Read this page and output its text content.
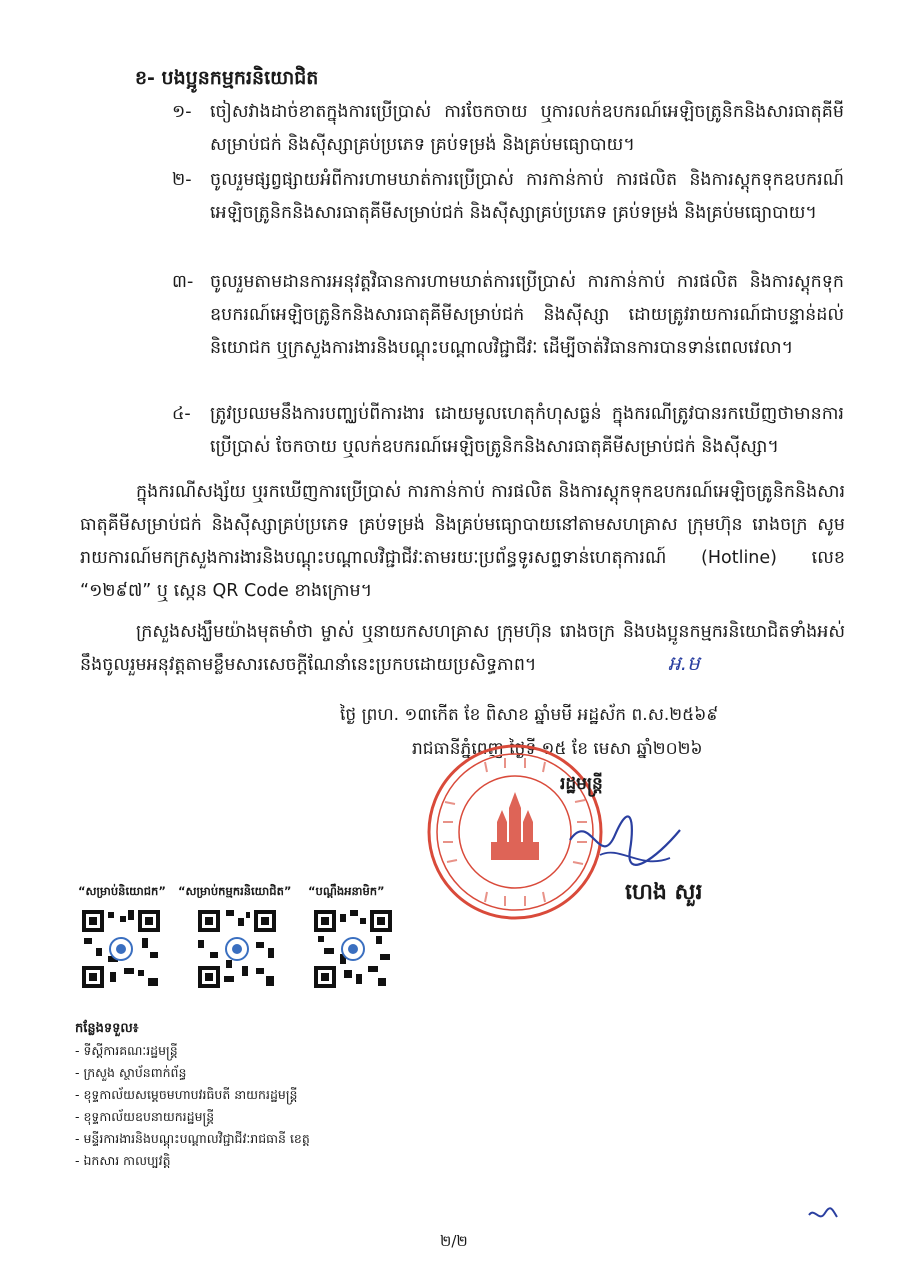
ខ- បងប្អូនកម្មករនិយោជិត
១-	ចៀសវាងដាច់ខាតក្នុងការប្រើប្រាស់ ការចែកចាយ ឬការលក់ឧបករណ៍អេឡិចត្រូនិកនិងសារធាតុគីមីសម្រាប់ជក់ និងស៊ីស្សាគ្រប់ប្រភេទ គ្រប់ទម្រង់ និងគ្រប់មធ្យោបាយ។
២-	ចូលរួមផ្សព្វផ្សាយអំពីការហាមឃាត់ការប្រើប្រាស់ ការកាន់កាប់ ការផលិត និងការស្តុកទុកឧបករណ៍អេឡិចត្រូនិកនិងសារធាតុគីមីសម្រាប់ជក់ និងស៊ីស្សាគ្រប់ប្រភេទ គ្រប់ទម្រង់ និងគ្រប់មធ្យោបាយ។
៣- ចូលរួមតាមដានការអនុវត្តវិធានការហាមឃាត់ការប្រើប្រាស់ ការកាន់កាប់ ការផលិត និងការស្តុកទុកឧបករណ៍អេឡិចត្រូនិកនិងសារធាតុគីមីសម្រាប់ជក់ និងស៊ីស្សា ដោយត្រូវរាយការណ៍ជាបន្ទាន់ដល់និយោជក ឬក្រសួងការងារនិងបណ្តុះបណ្តាលវិជ្ជាជីវៈ ដើម្បីចាត់វិធានការបានទាន់ពេលវេលា។
៤-	ត្រូវប្រឈមនឹងការបញ្ឈប់ពីការងារ ដោយមូលហេតុកំហុសធ្ងន់ ក្នុងករណីត្រូវបានរកឃើញថាមានការប្រើប្រាស់ ចែកចាយ ឬលក់ឧបករណ៍អេឡិចត្រូនិកនិងសារធាតុគីមីសម្រាប់ជក់ និងស៊ីស្សា។
ក្នុងករណីសង្ស័យ ឬរកឃើញការប្រើប្រាស់ ការកាន់កាប់ ការផលិត និងការស្តុកទុកឧបករណ៍អេឡិចត្រូនិកនិងសារធាតុគីមីសម្រាប់ជក់ និងស៊ីស្សាគ្រប់ប្រភេទ គ្រប់ទម្រង់ និងគ្រប់មធ្យោបាយនៅតាមសហគ្រាស ក្រុមហ៊ុន រោងចក្រ សូមរាយការណ៍មកក្រសួងការងារនិងបណ្តុះបណ្តាលវិជ្ជាជីវៈតាមរយៈប្រព័ន្ធទូរសព្ទទាន់ហេតុការណ៍ (Hotline) លេខ “១២៩៧” ឬ ស្កេន QR Code ខាងក្រោម។
ក្រសួងសង្ឃឹមយ៉ាងមុតមាំថា ម្ចាស់ ឬនាយកសហគ្រាស ក្រុមហ៊ុន រោងចក្រ និងបងប្អូនកម្មករនិយោជិតទាំងអស់នឹងចូលរួមអនុវត្តតាមខ្លឹមសារសេចក្តីណែនាំនេះប្រកបដោយប្រសិទ្ធភាព។	អ.ម
ថ្ងៃ ព្រហ. ១៣កើត ខែ ពិសាខ ឆ្នាំមមី អដ្ឋស័ក ព.ស.២៥៦៩
រាជធានីភ្នំពេញ ថ្ងៃទី ១៥ ខែ មេសា ឆ្នាំ២០២៦
រដ្ឋមន្ត្រី
ហេង សួរ
“សម្រាប់និយោជក” “សម្រាប់កម្មករនិយោជិត” “បណ្ដឹងអនាមិក”
កន្លែងទទួល៖
- ទីស្តីការគណៈរដ្ឋមន្ត្រី
- ក្រសួង ស្ថាប័នពាក់ព័ន្ធ
- ខុទ្ទកាល័យសម្តេចមហាបវរធិបតី នាយករដ្ឋមន្ត្រី
- ខុទ្ទកាល័យឧបនាយករដ្ឋមន្ត្រី
- មន្ទីរការងារនិងបណ្តុះបណ្តាលវិជ្ជាជីវៈរាជធានី ខេត្ត
- ឯកសារ កាលប្បវត្តិ
២/២
